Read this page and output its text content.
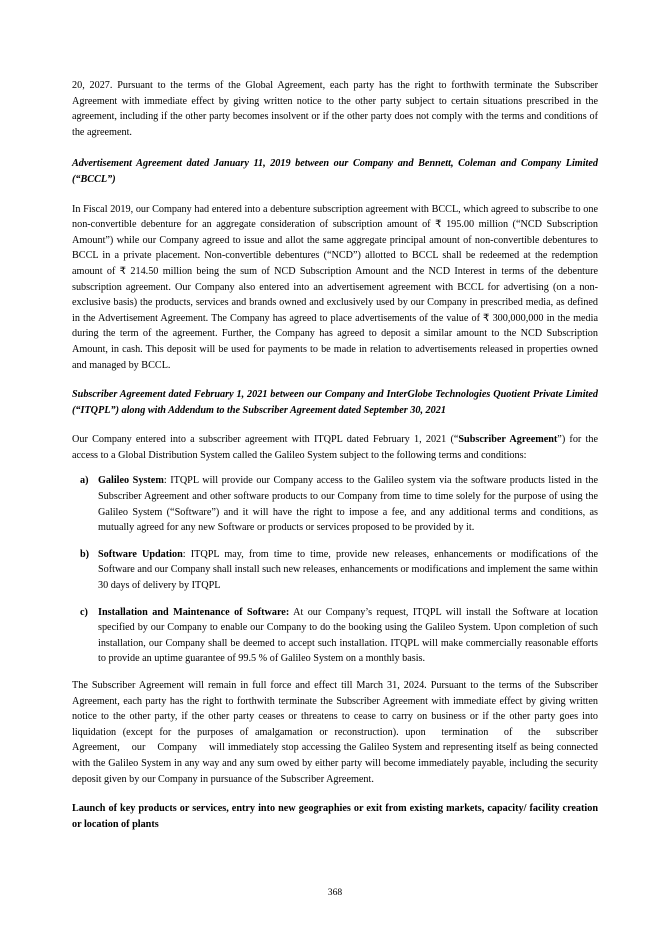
20, 2027. Pursuant to the terms of the Global Agreement, each party has the right to forthwith terminate the Subscriber Agreement with immediate effect by giving written notice to the other party subject to certain situations prescribed in the agreement, including if the other party becomes insolvent or if the other party does not comply with the terms and conditions of the agreement.

Advertisement Agreement dated January 11, 2019 between our Company and Bennett, Coleman and Company Limited (“BCCL”)

In Fiscal 2019, our Company had entered into a debenture subscription agreement with BCCL, which agreed to subscribe to one non-convertible debenture for an aggregate consideration of subscription amount of ₹ 195.00 million (“NCD Subscription Amount”) while our Company agreed to issue and allot the same aggregate principal amount of non-convertible debentures to BCCL in a private placement. Non-convertible debentures (“NCD”) allotted to BCCL shall be redeemed at the redemption amount of ₹ 214.50 million being the sum of NCD Subscription Amount and the NCD Interest in terms of the debenture subscription agreement. Our Company also entered into an advertisement agreement with BCCL for advertising (on a non-exclusive basis) the products, services and brands owned and exclusively used by our Company in prescribed media, as defined in the Advertisement Agreement. The Company has agreed to place advertisements of the value of ₹ 300,000,000 in the media during the term of the agreement. Further, the Company has agreed to deposit a similar amount to the NCD Subscription Amount, in cash. This deposit will be used for payments to be made in relation to advertisements released in properties owned and managed by BCCL.

Subscriber Agreement dated February 1, 2021 between our Company and InterGlobe Technologies Quotient Private Limited (“ITQPL”) along with Addendum to the Subscriber Agreement dated September 30, 2021

Our Company entered into a subscriber agreement with ITQPL dated February 1, 2021 (“Subscriber Agreement”) for the access to a Global Distribution System called the Galileo System subject to the following terms and conditions:

a) Galileo System: ITQPL will provide our Company access to the Galileo system via the software products listed in the Subscriber Agreement and other software products to our Company from time to time solely for the purpose of using the Galileo System (“Software”) and it will have the right to impose a fee, and any additional terms and conditions, as mutually agreed for any new Software or products or services proposed to be provided by it.
b) Software Updation: ITQPL may, from time to time, provide new releases, enhancements or modifications of the Software and our Company shall install such new releases, enhancements or modifications and implement the same within 30 days of delivery by ITQPL
c) Installation and Maintenance of Software: At our Company’s request, ITQPL will install the Software at location specified by our Company to enable our Company to do the booking using the Galileo System. Upon completion of such installation, our Company shall be deemed to accept such installation. ITQPL will make commercially reasonable efforts to provide an uptime guarantee of 99.5 % of Galileo System on a monthly basis.

The Subscriber Agreement will remain in full force and effect till March 31, 2024. Pursuant to the terms of the Subscriber Agreement, each party has the right to forthwith terminate the Subscriber Agreement with immediate effect by giving written notice to the other party, if the other party ceases or threatens to cease to carry on business or if the other party goes into liquidation (except for the purposes of amalgamation or reconstruction). upon termination of the subscriber Agreement, our Company will immediately stop accessing the Galileo System and representing itself as being connected with the Galileo System in any way and any sum owed by either party will become immediately payable, including the security deposit given by our Company in pursuance of the Subscriber Agreement.

Launch of key products or services, entry into new geographies or exit from existing markets, capacity/ facility creation or location of plants

368
